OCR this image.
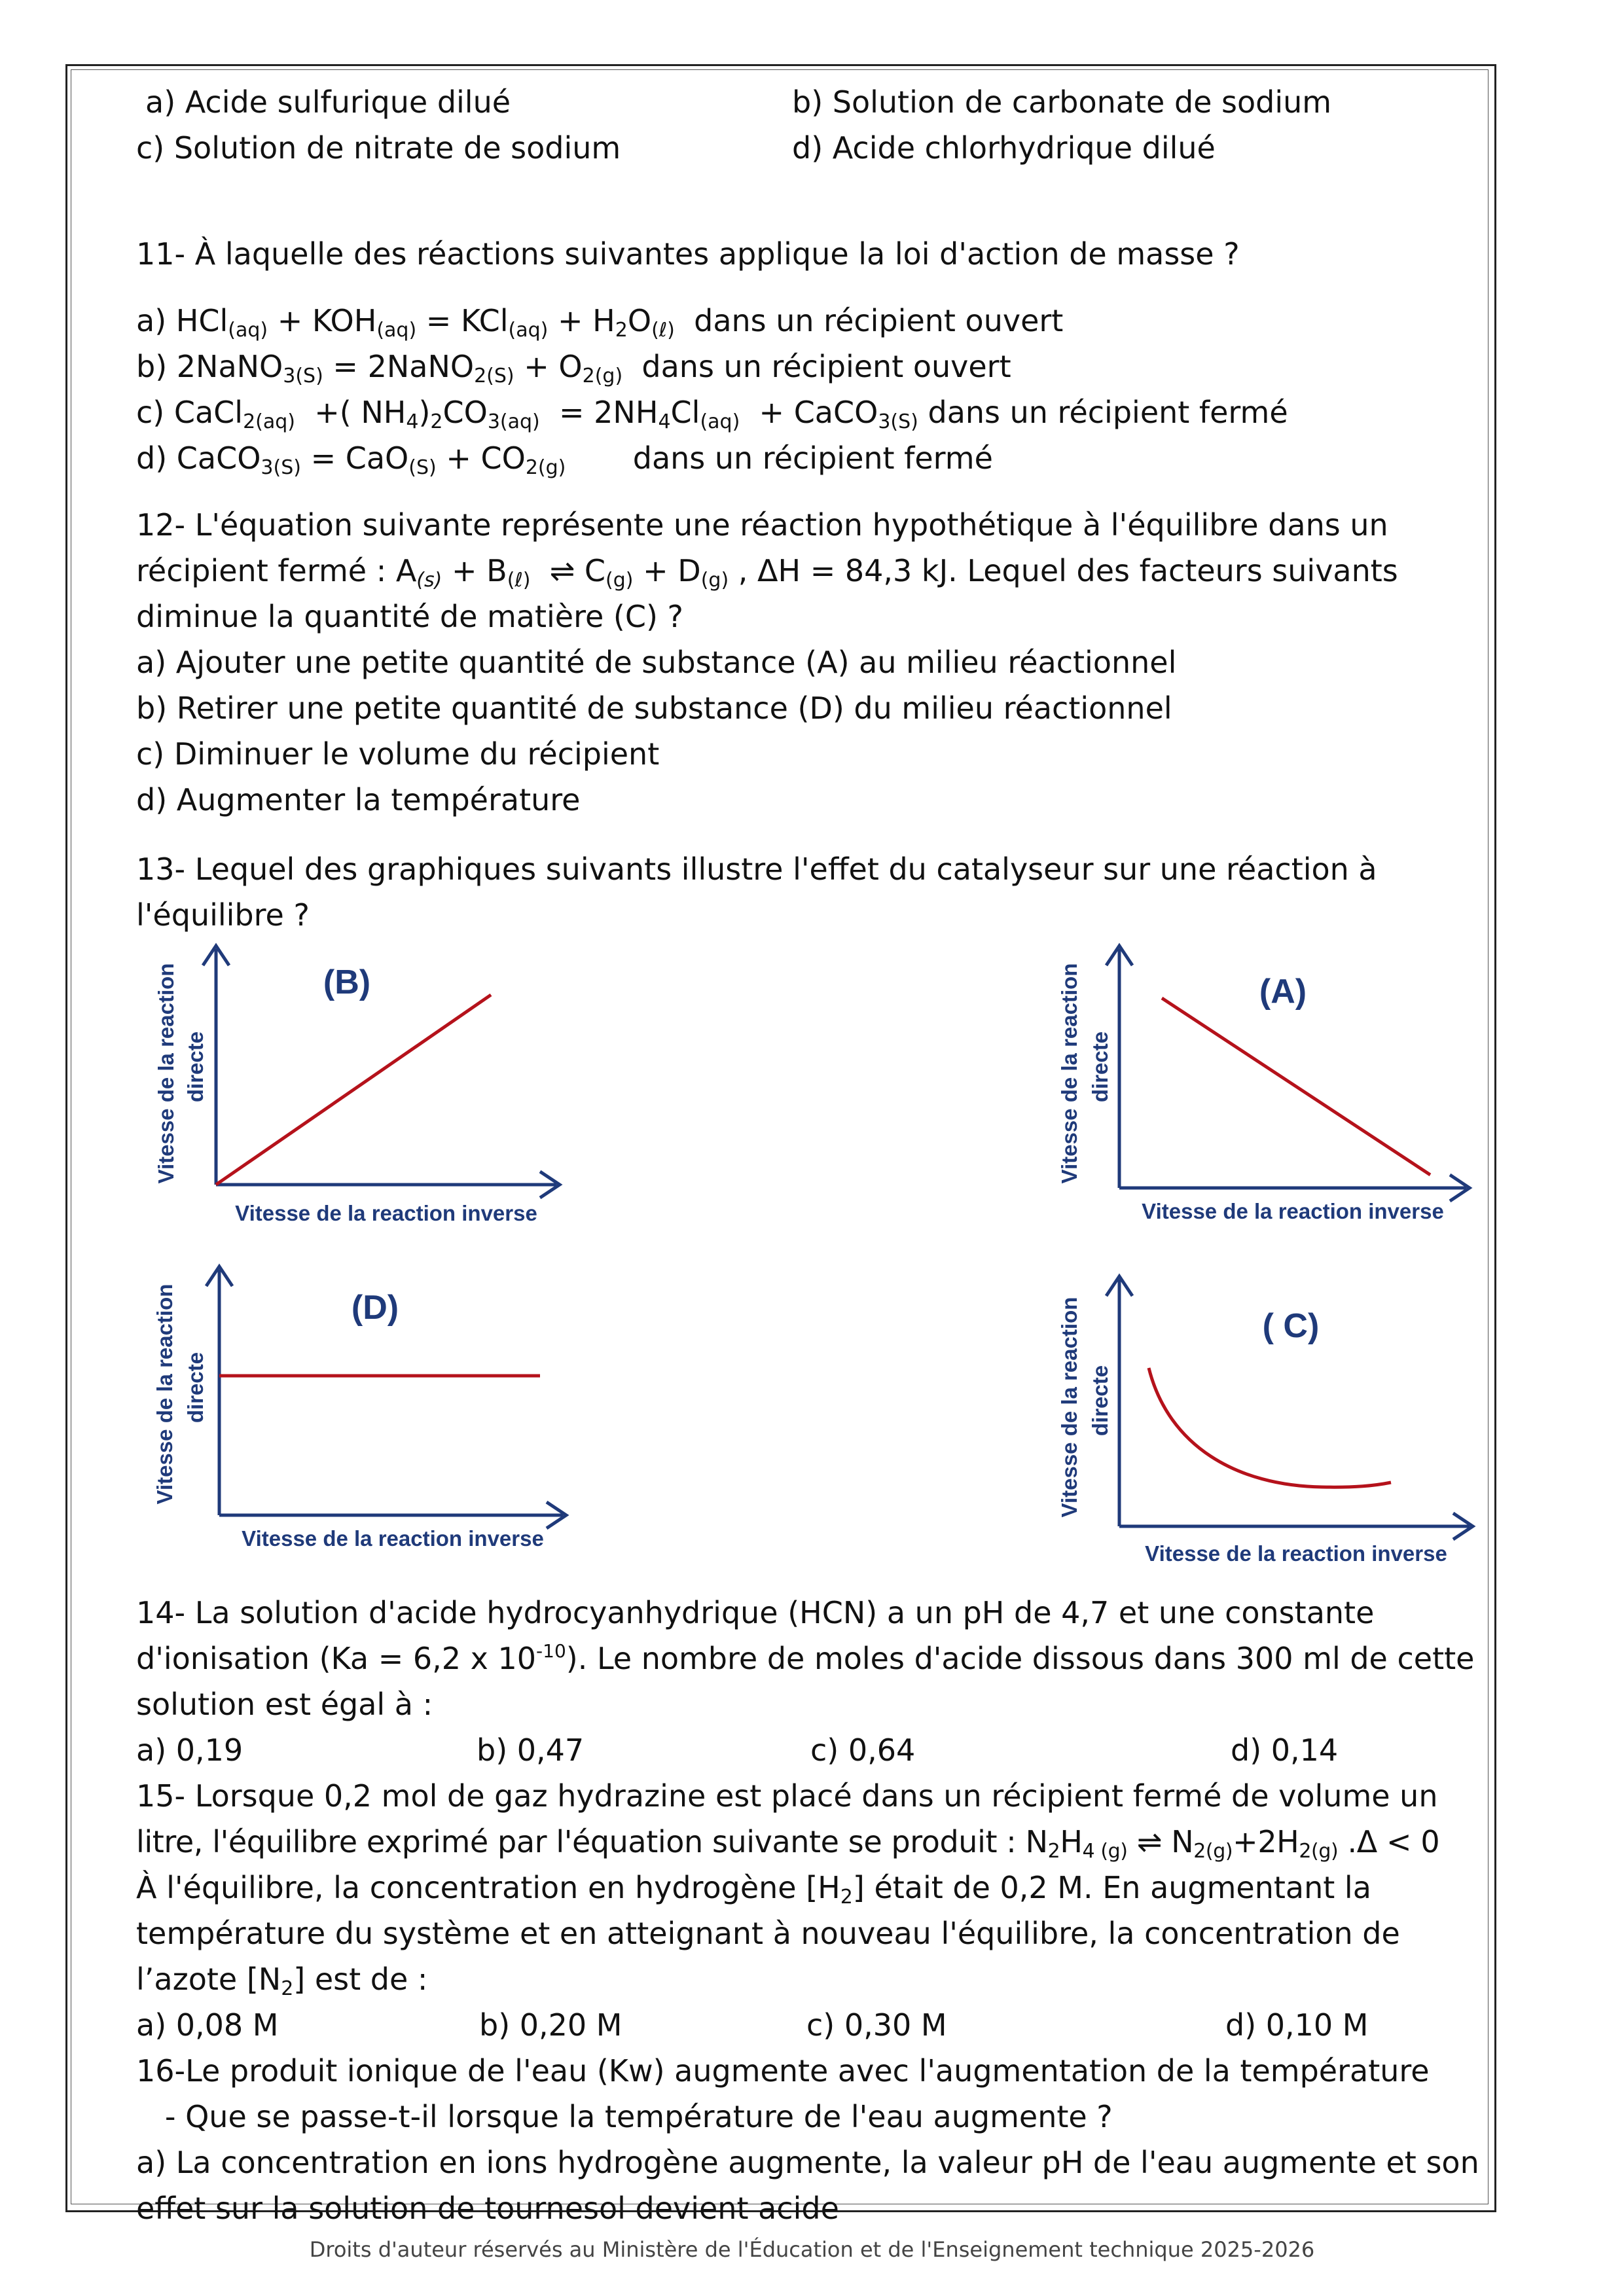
a) Acide sulfurique dilué	b) Solution de carbonate de sodium
c) Solution de nitrate de sodium	d) Acide chlorhydrique dilué
11- À laquelle des réactions suivantes applique la loi d'action de masse ?
a) $HCl_{(aq)} + KOH_{(aq)} = KCl_{(aq)} + H_2O_{(\ell)}$ dans un récipient ouvert
b) 2NaNO$_{3(S)}$ = 2NaNO$_{2(S)}$ + $O_{2(g)}$ dans un récipient ouvert
c) CaCl$_{2(aq)}$  +( $NH_4)_2CO_{3(aq)} = 2NH_4Cl_{(aq)}$  + CaCO$_{3(S)}$ dans un récipient fermé
d) CaCO$_{3(S)}$ = $CaO_{(S)} + CO_{2(g)}$ dans un récipient fermé
12- L'équation suivante représente une réaction hypothétique à l'équilibre dans un
récipient fermé : $A_{(s)} + B_{(\ell)}$  ⇌ $C_{(g)} + D_{(g)}$ , ΔH = 84,3 kJ. Lequel des facteurs suivants
diminue la quantité de matière (C) ?
a) Ajouter une petite quantité de substance (A) au milieu réactionnel
b) Retirer une petite quantité de substance (D) du milieu réactionnel
c) Diminuer le volume du récipient
d) Augmenter la température
13- Lequel des graphiques suivants illustre l'effet du catalyseur sur une réaction à
l'équilibre ?
(B)
Vitesse de la reaction inverse
Vitesse de la reaction directe
(A)
Vitesse de la reaction inverse
Vitesse de la reaction directe
(D)
Vitesse de la reaction inverse
Vitesse de la reaction directe
( C)
Vitesse de la reaction inverse
Vitesse de la reaction directe
14- La solution d'acide hydrocyanhydrique (HCN) a un pH de 4,7 et une constante
d'ionisation (Ka = 6,2 x $10^{-10}$). Le nombre de moles d'acide dissous dans 300 ml de cette
solution est égal à :
a) 0,19	b) 0,47	c) 0,64	d) 0,14
15- Lorsque 0,2 mol de gaz hydrazine est placé dans un récipient fermé de volume un
litre, l'équilibre exprimé par l'équation suivante se produit : $N_2H_{4 (g)}$ ⇌ $N_{2(g)}+2H_{2(g)}$ .Δ < 0
À l'équilibre, la concentration en hydrogène $[H_2]$ était de 0,2 M. En augmentant la
température du système et en atteignant à nouveau l'équilibre, la concentration de
l’azote $[N_2]$ est de :
a) 0,08 M	b) 0,20 M	c) 0,30 M	d) 0,10 M
16-Le produit ionique de l'eau (Kw) augmente avec l'augmentation de la température
- Que se passe-t-il lorsque la température de l'eau augmente ?
a) La concentration en ions hydrogène augmente, la valeur pH de l'eau augmente et son
effet sur la solution de tournesol devient acide
Droits d'auteur réservés au Ministère de l'Éducation et de l'Enseignement technique 2025-2026
